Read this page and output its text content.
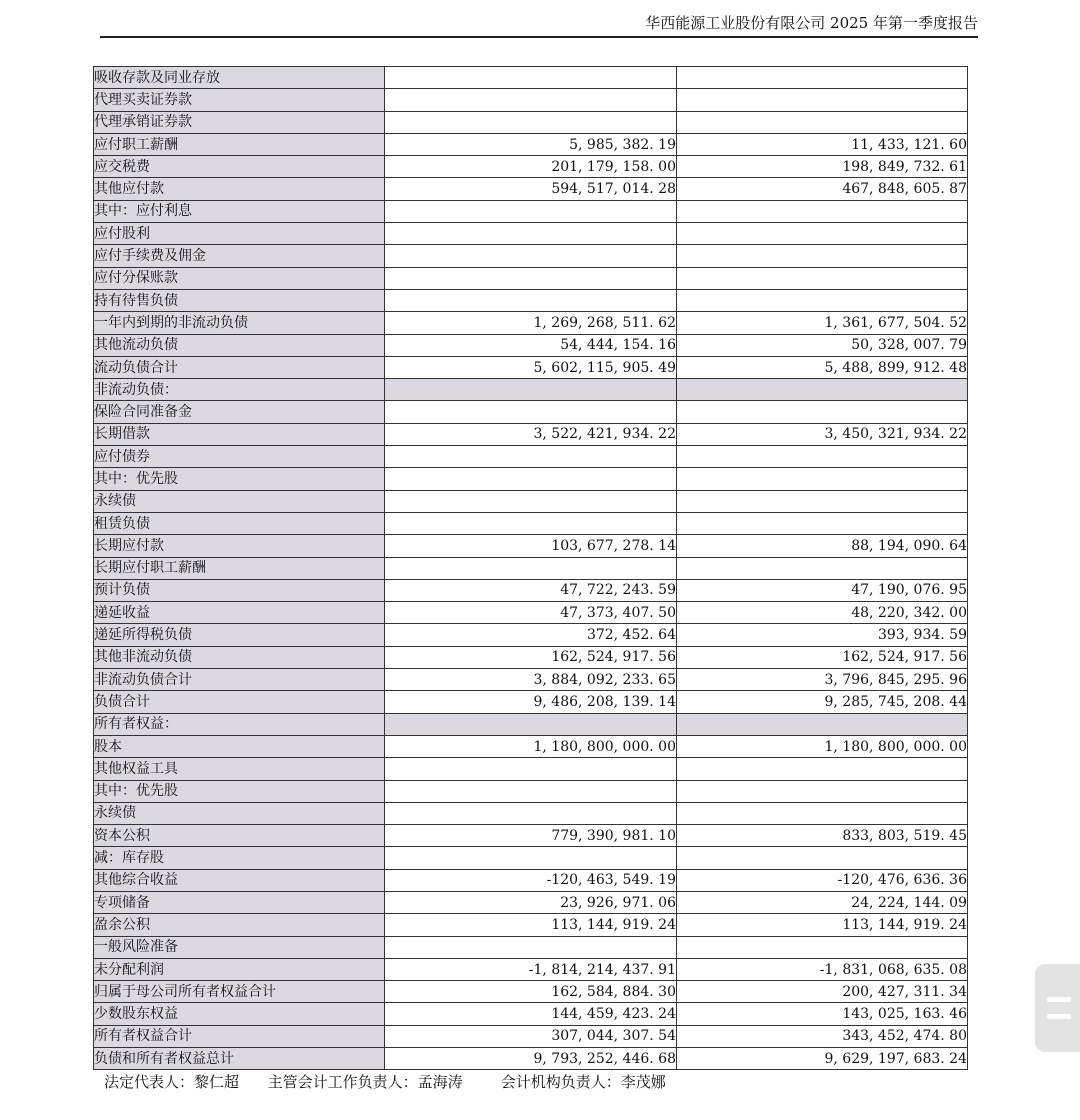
华西能源工业股份有限公司 2025 年第一季度报告
吸收存款及同业存放		
代理买卖证券款		
代理承销证券款		
应付职工薪酬	5, 985, 382. 19	11, 433, 121. 60
应交税费	201, 179, 158. 00	198, 849, 732. 61
其他应付款	594, 517, 014. 28	467, 848, 605. 87
其中：应付利息		
应付股利		
应付手续费及佣金		
应付分保账款		
持有待售负债		
一年内到期的非流动负债	1, 269, 268, 511. 62	1, 361, 677, 504. 52
其他流动负债	54, 444, 154. 16	50, 328, 007. 79
流动负债合计	5, 602, 115, 905. 49	5, 488, 899, 912. 48
非流动负债：		
保险合同准备金		
长期借款	3, 522, 421, 934. 22	3, 450, 321, 934. 22
应付债券		
其中：优先股		
永续债		
租赁负债		
长期应付款	103, 677, 278. 14	88, 194, 090. 64
长期应付职工薪酬		
预计负债	47, 722, 243. 59	47, 190, 076. 95
递延收益	47, 373, 407. 50	48, 220, 342. 00
递延所得税负债	372, 452. 64	393, 934. 59
其他非流动负债	162, 524, 917. 56	162, 524, 917. 56
非流动负债合计	3, 884, 092, 233. 65	3, 796, 845, 295. 96
负债合计	9, 486, 208, 139. 14	9, 285, 745, 208. 44
所有者权益：		
股本	1, 180, 800, 000. 00	1, 180, 800, 000. 00
其他权益工具		
其中：优先股		
永续债		
资本公积	779, 390, 981. 10	833, 803, 519. 45
减：库存股		
其他综合收益	-120, 463, 549. 19	-120, 476, 636. 36
专项储备	23, 926, 971. 06	24, 224, 144. 09
盈余公积	113, 144, 919. 24	113, 144, 919. 24
一般风险准备		
未分配利润	-1, 814, 214, 437. 91	-1, 831, 068, 635. 08
归属于母公司所有者权益合计	162, 584, 884. 30	200, 427, 311. 34
少数股东权益	144, 459, 423. 24	143, 025, 163. 46
所有者权益合计	307, 044, 307. 54	343, 452, 474. 80
负债和所有者权益总计	9, 793, 252, 446. 68	9, 629, 197, 683. 24
法定代表人：黎仁超 主管会计工作负责人：孟海涛	会计机构负责人：李茂娜
